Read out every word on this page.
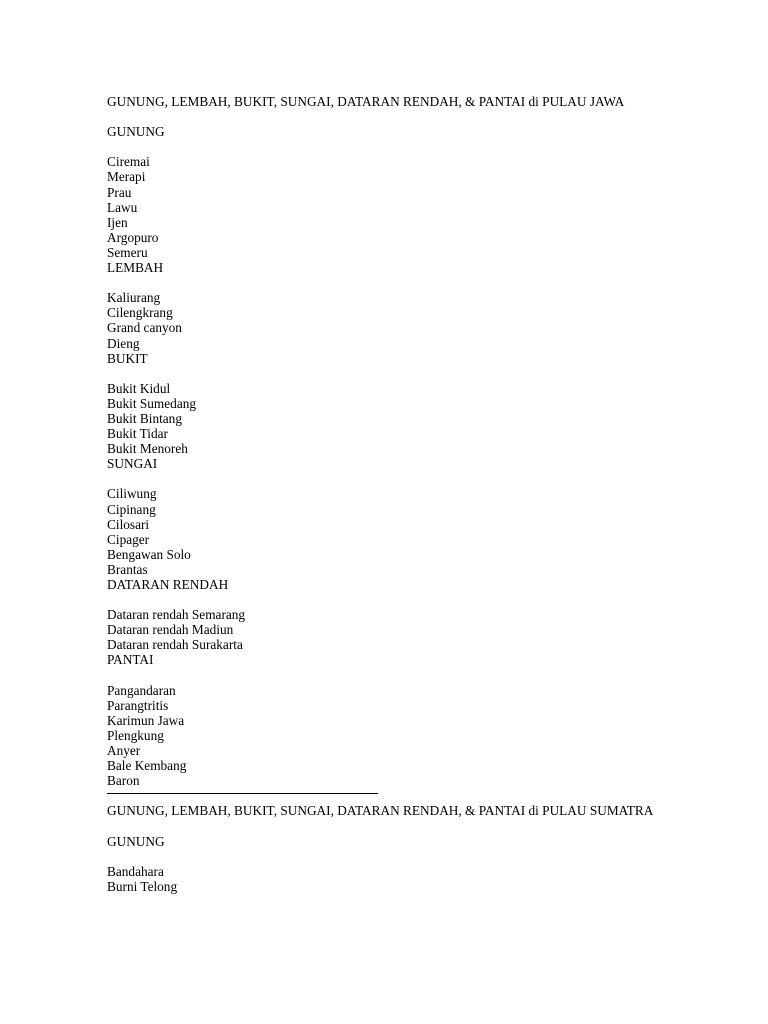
GUNUNG, LEMBAH, BUKIT, SUNGAI, DATARAN RENDAH, & PANTAI di PULAU JAWA

GUNUNG

Ciremai

Merapi

Prau

Lawu

Ijen

Argopuro

Semeru

LEMBAH

Kaliurang

Cilengkrang

Grand canyon

Dieng

BUKIT

Bukit Kidul

Bukit Sumedang

Bukit Bintang

Bukit Tidar

Bukit Menoreh

SUNGAI

Ciliwung

Cipinang

Cilosari

Cipager

Bengawan Solo

Brantas

DATARAN RENDAH

Dataran rendah Semarang

Dataran rendah Madiun

Dataran rendah Surakarta

PANTAI

Pangandaran

Parangtritis

Karimun Jawa

Plengkung

Anyer

Bale Kembang

Baron

GUNUNG, LEMBAH, BUKIT, SUNGAI, DATARAN RENDAH, & PANTAI di PULAU SUMATRA

GUNUNG

Bandahara

Burni Telong
